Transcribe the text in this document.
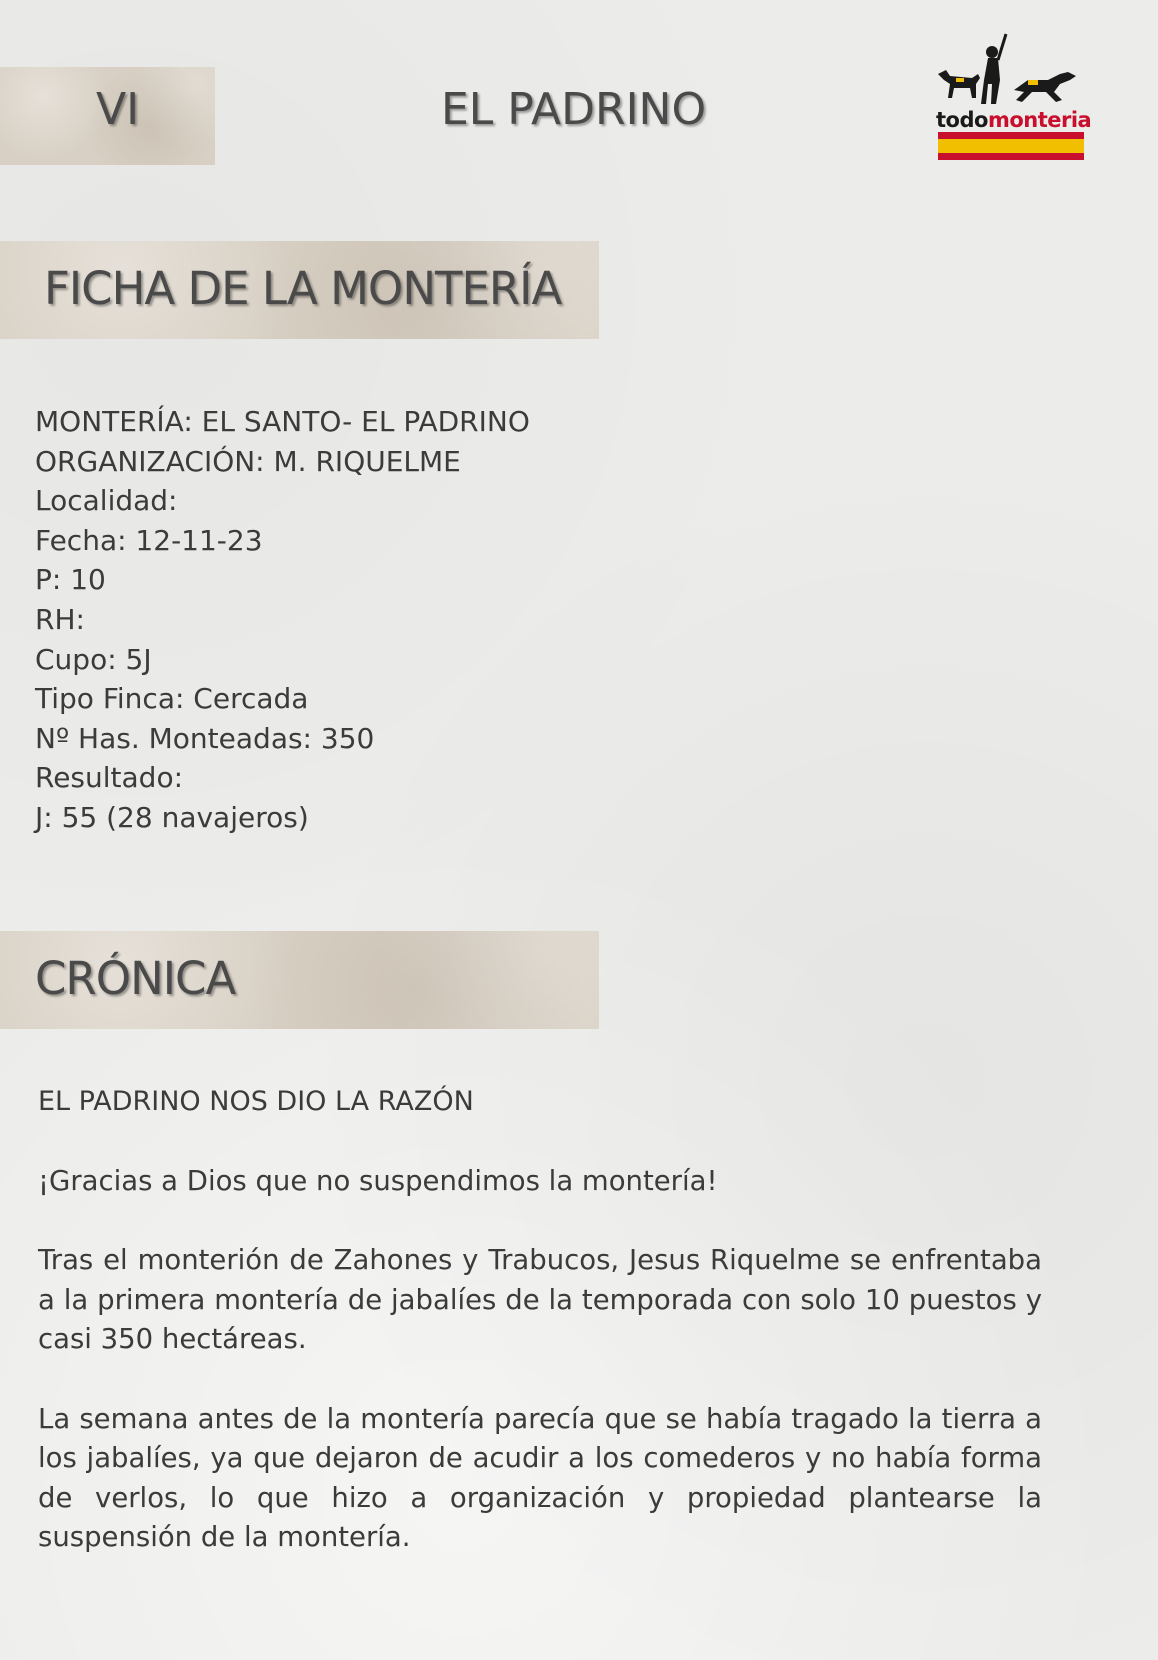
VI	EL PADRINO	todomonteria
FICHA DE LA MONTERÍA
MONTERÍA: EL SANTO- EL PADRINO
ORGANIZACIÓN: M. RIQUELME
Localidad:
Fecha: 12-11-23
P: 10
RH:
Cupo: 5J
Tipo Finca: Cercada
Nº Has. Monteadas: 350
Resultado:
J: 55 (28 navajeros)
CRÓNICA

EL PADRINO NOS DIO LA RAZÓN

¡Gracias a Dios que no suspendimos la montería!

Tras el monterión de Zahones y Trabucos, Jesus Riquelme se enfrentaba a la primera montería de jabalíes de la temporada con solo 10 puestos y casi 350 hectáreas.

La semana antes de la montería parecía que se había tragado la tierra a los jabalíes, ya que dejaron de acudir a los comederos y no había forma de verlos, lo que hizo a organización y propiedad plantearse la suspensión de la montería.
